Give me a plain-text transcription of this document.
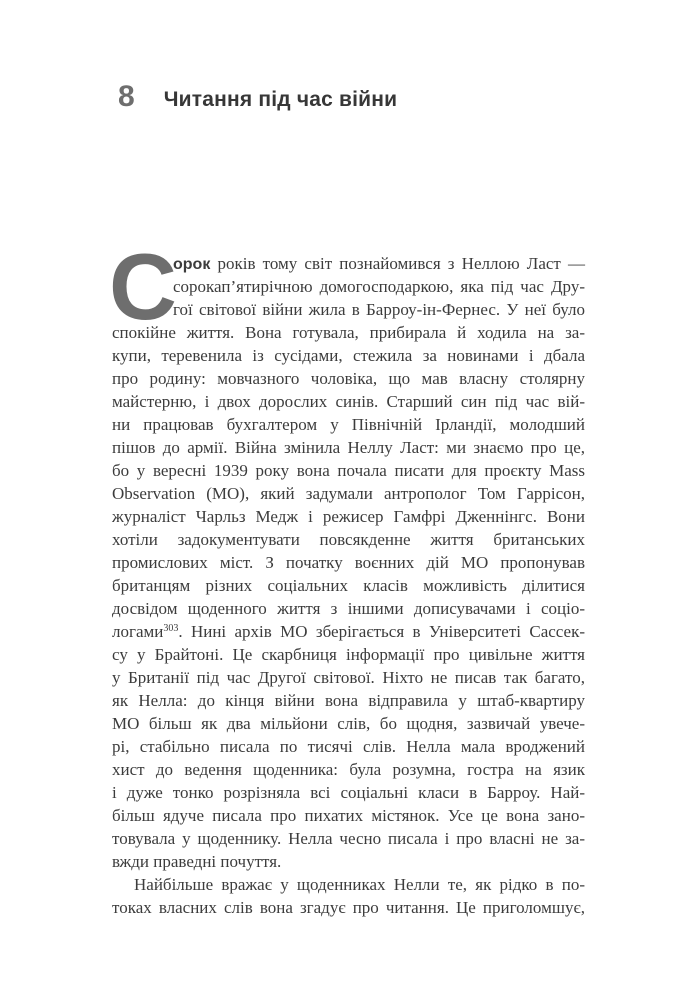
8 Читання під час війни
С
орок років тому світ познайомився з Неллою Ласт —
сорокап’ятирічною домогосподаркою, яка під час Дру-
гої світової війни жила в Барроу-ін-Фернес. У неї було
спокійне життя. Вона готувала, прибирала й ходила на за-
купи, теревенила із сусідами, стежила за новинами і дбала
про родину: мовчазного чоловіка, що мав власну столярну
майстерню, і двох дорослих синів. Старший син під час вій-
ни працював бухгалтером у Північній Ірландії, молодший
пішов до армії. Війна змінила Неллу Ласт: ми знаємо про це,
бо у вересні 1939 року вона почала писати для проєкту Mass
Observation (МО), який задумали антрополог Том Гаррісон,
журналіст Чарльз Медж і режисер Гамфрі Дженнінгс. Вони
хотіли задокументувати повсякденне життя британських
промислових міст. З початку воєнних дій МО пропонував
британцям різних соціальних класів можливість ділитися
досвідом щоденного життя з іншими дописувачами і соціо-
логами$^{303}$. Нині архів МО зберігається в Університеті Сассек-
су у Брайтоні. Це скарбниця інформації про цивільне життя
у Британії під час Другої світової. Ніхто не писав так багато,
як Нелла: до кінця війни вона відправила у штаб-квартиру
МО більш як два мільйони слів, бо щодня, зазвичай увече-
рі, стабільно писала по тисячі слів. Нелла мала вроджений
хист до ведення щоденника: була розумна, гостра на язик
і дуже тонко розрізняла всі соціальні класи в Барроу. Най-
більш ядуче писала про пихатих містянок. Усе це вона зано-
товувала у щоденнику. Нелла чесно писала і про власні не за-
вжди праведні почуття.
Найбільше вражає у щоденниках Нелли те, як рідко в по-
токах власних слів вона згадує про читання. Це приголомшує,
